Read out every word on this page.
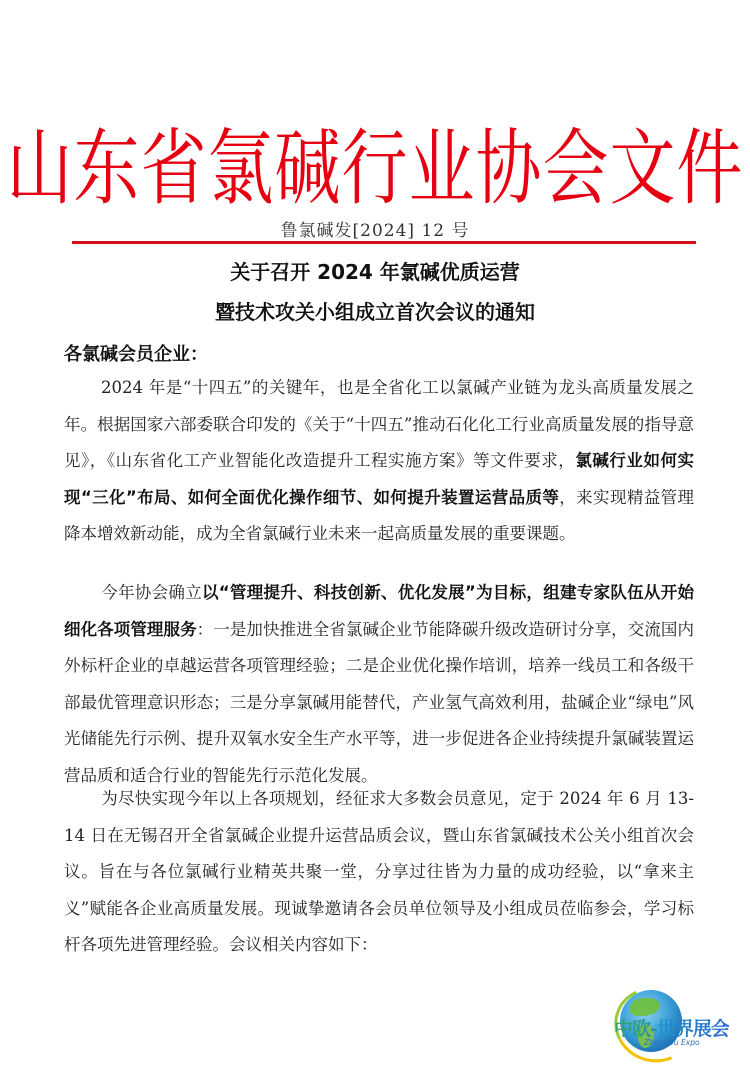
山东省氯碱行业协会文件
鲁氯碱发[2024] 12 号
关于召开 2024 年氯碱优质运营
暨技术攻关小组成立首次会议的通知
各氯碱会员企业：
2024 年是“十四五”的关键年，也是全省化工以氯碱产业链为龙头高质量发展之年。根据国家六部委联合印发的《关于“十四五”推动石化化工行业高质量发展的指导意见》，《山东省化工产业智能化改造提升工程实施方案》等文件要求，氯碱行业如何实现“三化”布局、如何全面优化操作细节、如何提升装置运营品质等，来实现精益管理降本增效新动能，成为全省氯碱行业未来一起高质量发展的重要课题。
今年协会确立以“管理提升、科技创新、优化发展”为目标，组建专家队伍从开始细化各项管理服务：一是加快推进全省氯碱企业节能降碳升级改造研讨分享，交流国内外标杆企业的卓越运营各项管理经验；二是企业优化操作培训，培养一线员工和各级干部最优管理意识形态；三是分享氯碱用能替代，产业氢气高效利用，盐碱企业“绿电”风光储能先行示例、提升双氧水安全生产水平等，进一步促进各企业持续提升氯碱装置运营品质和适合行业的智能先行示范化发展。
为尽快实现今年以上各项规划，经征求大多数会员意见，定于 2024 年 6 月 13-14 日在无锡召开全省氯碱企业提升运营品质会议，暨山东省氯碱技术公关小组首次会议。旨在与各位氯碱行业精英共聚一堂，分享过往皆为力量的成功经验，以“拿来主义”赋能各企业高质量发展。现诚挚邀请各会员单位领导及小组成员莅临参会，学习标杆各项先进管理经验。会议相关内容如下：
中欧-世界展会
ZhongOu Expo
